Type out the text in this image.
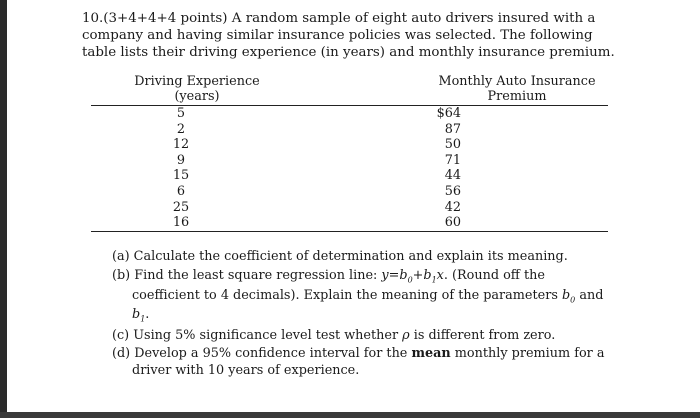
10.(3+4+4+4 points) A random sample of eight auto drivers insured with a
company and having similar insurance policies was selected. The following
table lists their driving experience (in years) and monthly insurance premium.
Driving Experience
(years)
Monthly Auto Insurance
Premium
5
2
12
9
15
6
25
16
$64
87
50
71
44
56
42
60
(a) Calculate the coefficient of determination and explain its meaning.
(b) Find the least square regression line: $y=b_0+b_1x$. (Round off the
coefficient to 4 decimals). Explain the meaning of the parameters $b_0$ and
$b_1$.
(c) Using 5% significance level test whether ρ is different from zero.
(d) Develop a 95% confidence interval for the mean monthly premium for a
driver with 10 years of experience.
